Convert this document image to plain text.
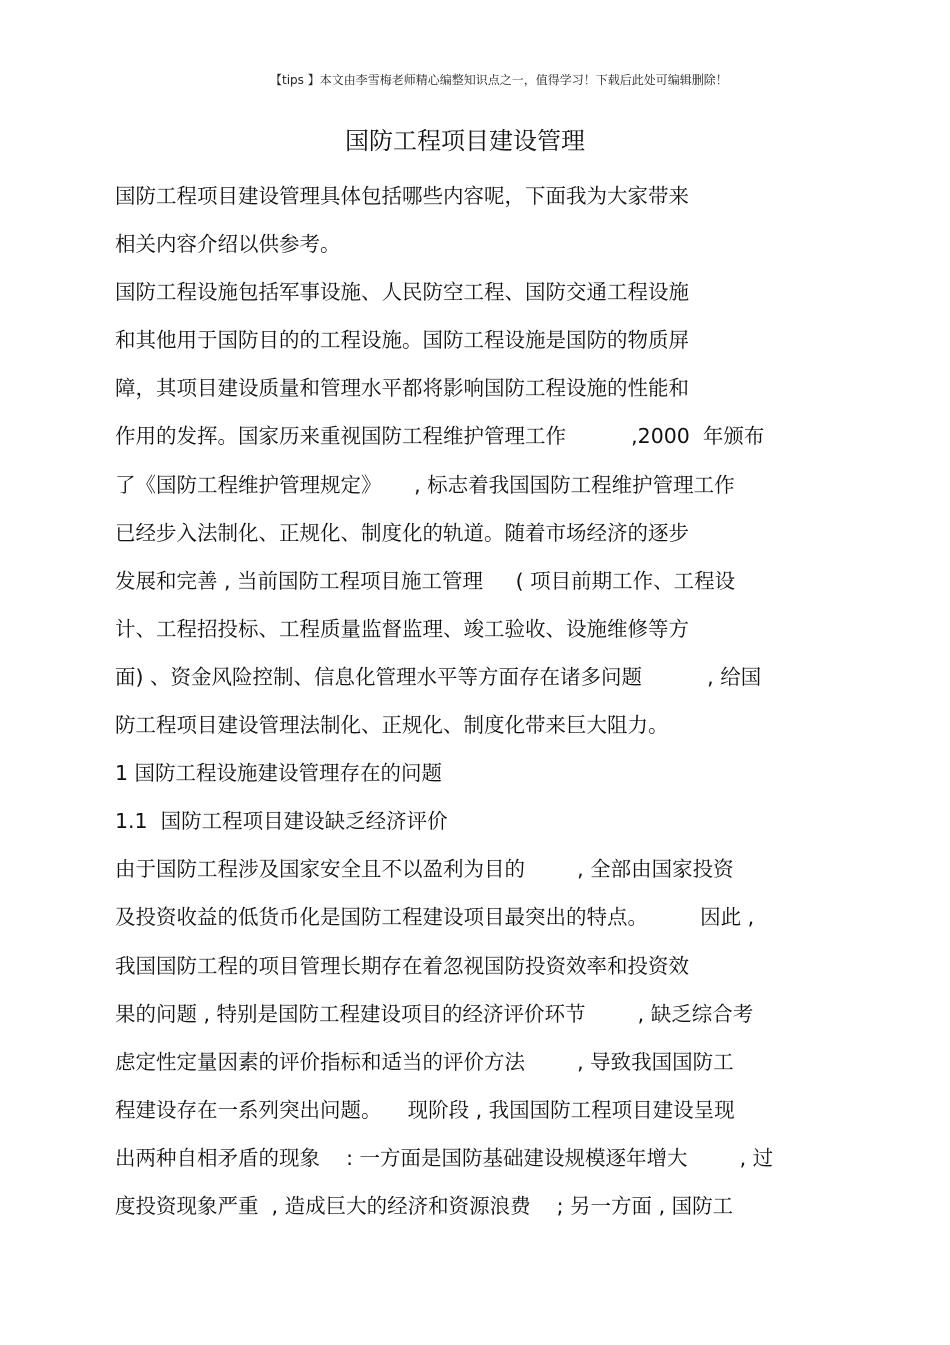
【tips 】本文由李雪梅老师精心编整知识点之一，值得学习！下载后此处可编辑删除！
国防工程项目建设管理
国防工程项目建设管理具体包括哪些内容呢，下面我为大家带来
相关内容介绍以供参考。
国防工程设施包括军事设施、人民防空工程、国防交通工程设施
和其他用于国防目的的工程设施。国防工程设施是国防的物质屏
障，其项目建设质量和管理水平都将影响国防工程设施的性能和
作用的发挥。国家历来重视国防工程维护管理工作          ,2000  年颁布
了《国防工程维护管理规定》     , 标志着我国国防工程维护管理工作
已经步入法制化、正规化、制度化的轨道。随着市场经济的逐步
发展和完善 , 当前国防工程项目施工管理     ( 项目前期工作、工程设
计、工程招投标、工程质量监督监理、竣工验收、设施维修等方
面) 、资金风险控制、信息化管理水平等方面存在诸多问题          , 给国
防工程项目建设管理法制化、正规化、制度化带来巨大阻力。
1 国防工程设施建设管理存在的问题
1.1  国防工程项目建设缺乏经济评价
由于国防工程涉及国家安全且不以盈利为目的        , 全部由国家投资
及投资收益的低货币化是国防工程建设项目最突出的特点。        因此 ,
我国国防工程的项目管理长期存在着忽视国防投资效率和投资效
果的问题 , 特别是国防工程建设项目的经济评价环节        , 缺乏综合考
虑定性定量因素的评价指标和适当的评价方法        , 导致我国国防工
程建设存在一系列突出问题。    现阶段 , 我国国防工程项目建设呈现
出两种自相矛盾的现象    : 一方面是国防基础建设规模逐年增大        , 过
度投资现象严重  , 造成巨大的经济和资源浪费    ; 另一方面 , 国防工
